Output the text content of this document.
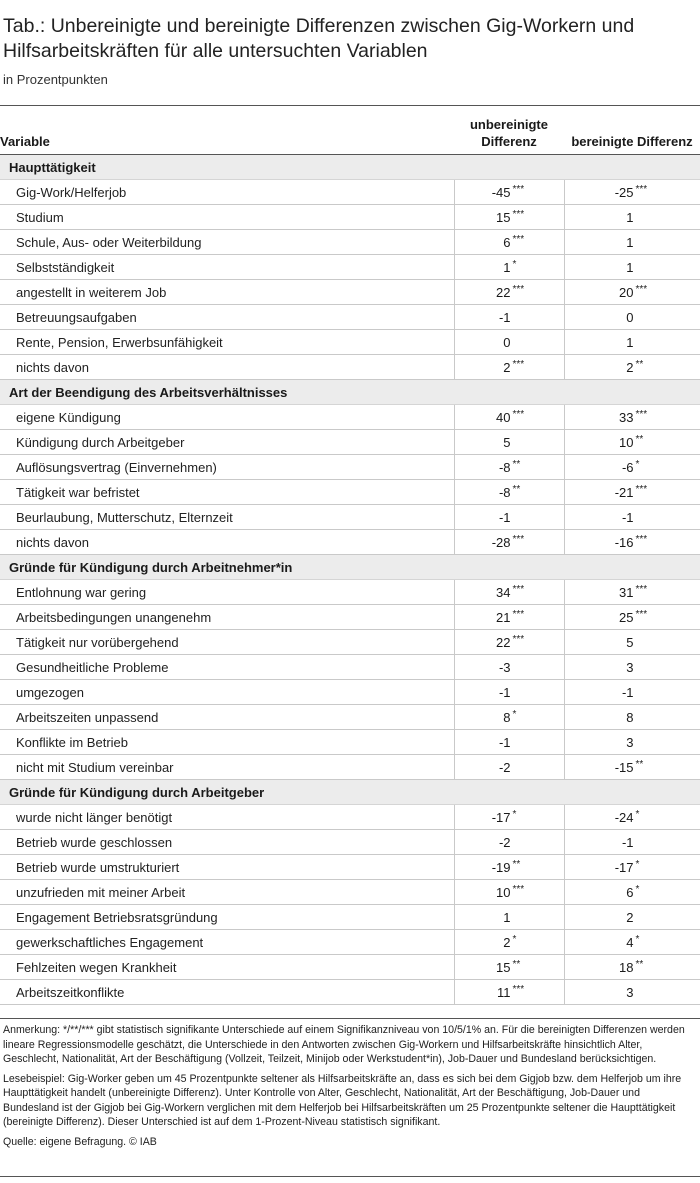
Tab.: Unbereinigte und bereinigte Differenzen zwischen Gig-Workern und Hilfsarbeitskräften für alle untersuchten Variablen
in Prozentpunkten
Variable	unbereinigte Differenz	bereinigte Differenz
Haupttätigkeit		
Gig-Work/Helferjob	-45 ***	-25 ***

Studium	15 ***	1

Schule, Aus- oder Weiterbildung	6 ***	1

Selbstständigkeit	1 *	1

angestellt in weiterem Job	22 ***	20 ***

Betreuungsaufgaben	-1	0

Rente, Pension, Erwerbsunfähigkeit	0	1

nichts davon	2 ***	2 **

Art der Beendigung des Arbeitsverhältnisses		
eigene Kündigung	40 ***	33 ***

Kündigung durch Arbeitgeber	5	10 **

Auflösungsvertrag (Einvernehmen)	-8 **	-6 *

Tätigkeit war befristet	-8 **	-21 ***

Beurlaubung, Mutterschutz, Elternzeit	-1	-1

nichts davon	-28 ***	-16 ***

Gründe für Kündigung durch Arbeitnehmer*in		
Entlohnung war gering	34 ***	31 ***

Arbeitsbedingungen unangenehm	21 ***	25 ***

Tätigkeit nur vorübergehend	22 ***	5

Gesundheitliche Probleme	-3	3

umgezogen	-1	-1

Arbeitszeiten unpassend	8 *	8

Konflikte im Betrieb	-1	3

nicht mit Studium vereinbar	-2	-15 **

Gründe für Kündigung durch Arbeitgeber		
wurde nicht länger benötigt	-17 *	-24 *

Betrieb wurde geschlossen	-2	-1

Betrieb wurde umstrukturiert	-19 **	-17 *

unzufrieden mit meiner Arbeit	10 ***	6 *

Engagement Betriebsratsgründung	1	2

gewerkschaftliches Engagement	2 *	4 *

Fehlzeiten wegen Krankheit	15 **	18 **

Arbeitszeitkonflikte	11 ***	3

Anmerkung: */**/*** gibt statistisch signifikante Unterschiede auf einem Signifikanzniveau von 10/5/1% an. Für die bereinigten Differenzen werden lineare Regressionsmodelle geschätzt, die Unterschiede in den Antworten zwischen Gig-Workern und Hilfsarbeitskräfte hinsichtlich Alter, Geschlecht, Nationalität, Art der Beschäftigung (Vollzeit, Teilzeit, Minijob oder Werkstudent*in), Job-Dauer und Bundesland berücksichtigen.

Lesebeispiel: Gig-Worker geben um 45 Prozentpunkte seltener als Hilfsarbeitskräfte an, dass es sich bei dem Gigjob bzw. dem Helferjob um ihre Haupttätigkeit handelt (unbereinigte Differenz). Unter Kontrolle von Alter, Geschlecht, Nationalität, Art der Beschäftigung, Job-Dauer und Bundesland ist der Gigjob bei Gig-Workern verglichen mit dem Helferjob bei Hilfsarbeitskräften um 25 Prozentpunkte seltener die Haupttätigkeit (bereinigte Differenz). Dieser Unterschied ist auf dem 1-Prozent-Niveau statistisch signifikant.

Quelle: eigene Befragung. © IAB
